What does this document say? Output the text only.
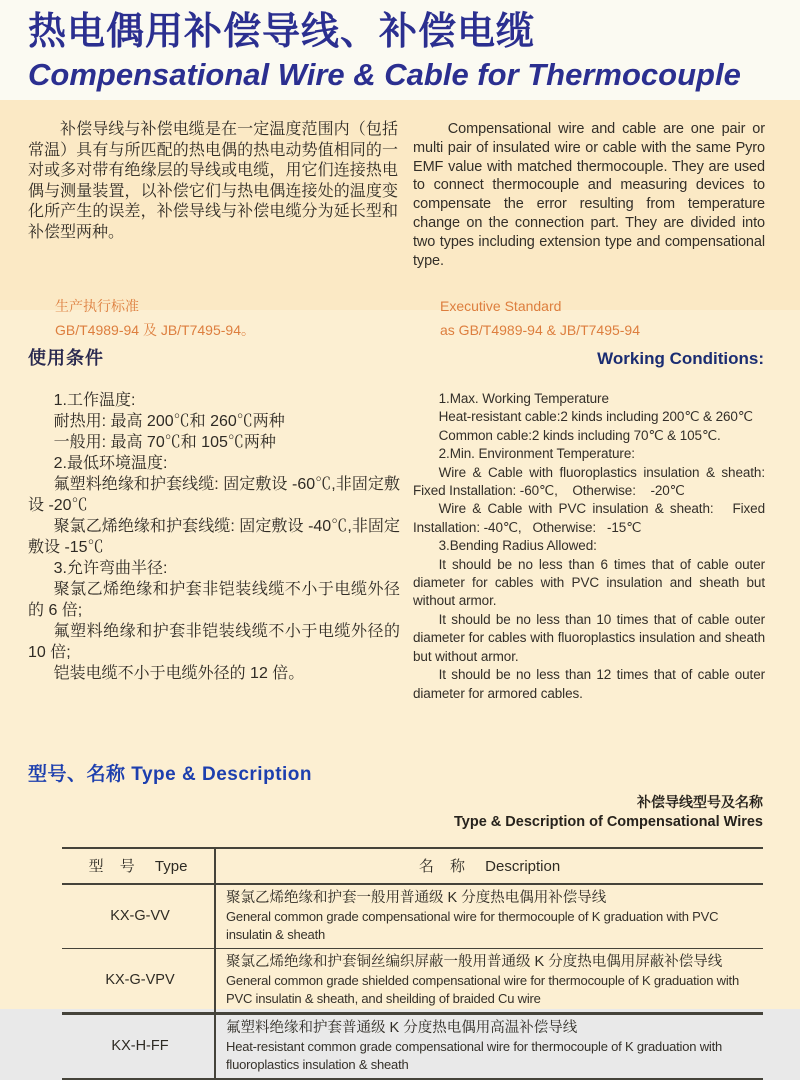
热电偶用补偿导线、补偿电缆
Compensational Wire & Cable for Thermocouple

补偿导线与补偿电缆是在一定温度范围内（包括常温）具有与所匹配的热电偶的热电动势值相同的一对或多对带有绝缘层的导线或电缆，用它们连接热电偶与测量装置，以补偿它们与热电偶连接处的温度变化所产生的误差，补偿导线与补偿电缆分为延长型和补偿型两种。

Compensational wire and cable are one pair or multi pair of insulated wire or cable with the same Pyro EMF value with matched thermocouple. They are used to connect thermocouple and measuring devices to compensate the error resulting from temperature change on the connection part. They are divided into two types including extension type and compensational type.

生产执行标准
GB/T4989-94 及 JB/T7495-94。
Executive Standard
as GB/T4989-94 & JB/T7495-94
使用条件	Working Conditions:

1.工作温度:

耐热用: 最高 200℃和 260℃两种

一般用: 最高 70℃和 105℃两种

2.最低环境温度:

氟塑料绝缘和护套线缆: 固定敷设 -60℃,非固定敷设 -20℃

聚氯乙烯绝缘和护套线缆: 固定敷设 -40℃,非固定敷设 -15℃

3.允许弯曲半径:

聚氯乙烯绝缘和护套非铠装线缆不小于电缆外径的 6 倍;

氟塑料绝缘和护套非铠装线缆不小于电缆外径的 10 倍;

铠装电缆不小于电缆外径的 12 倍。

1.Max. Working Temperature

Heat-resistant cable:2 kinds including 200℃ & 260℃

Common cable:2 kinds including 70℃ & 105℃.

2.Min. Environment Temperature:

Wire & Cable with fluoroplastics insulation & sheath: Fixed Installation: -60℃,    Otherwise:    -20℃

Wire & Cable with PVC insulation & sheath:   Fixed Installation: -40℃,   Otherwise:   -15℃

3.Bending Radius Allowed:

It should be no less than 6 times that of cable outer diameter for cables with PVC insulation and sheath but without armor.

It should be no less than 10 times that of cable outer diameter for cables with fluoroplastics insulation and sheath but without armor.

It should be no less than 12 times that of cable outer diameter for armored cables.

型号、名称 Type & Description
补偿导线型号及名称
Type & Description of Compensational Wires
型 号 Type	名 称 Description
KX-G-VV	聚氯乙烯绝缘和护套一般用普通级 K 分度热电偶用补偿导线
General common grade compensational wire for thermocouple of K graduation with PVC insulatin & sheath

KX-G-VPV	聚氯乙烯绝缘和护套铜丝编织屏蔽一般用普通级 K 分度热电偶用屏蔽补偿导线
General common grade shielded compensational wire for thermocouple of K graduation with PVC insulatin & sheath, and sheilding of braided Cu wire

KX-H-FF	氟塑料绝缘和护套普通级 K 分度热电偶用高温补偿导线
Heat-resistant common grade compensational wire for thermocouple of K graduation with fluoroplastics insulation & sheath
